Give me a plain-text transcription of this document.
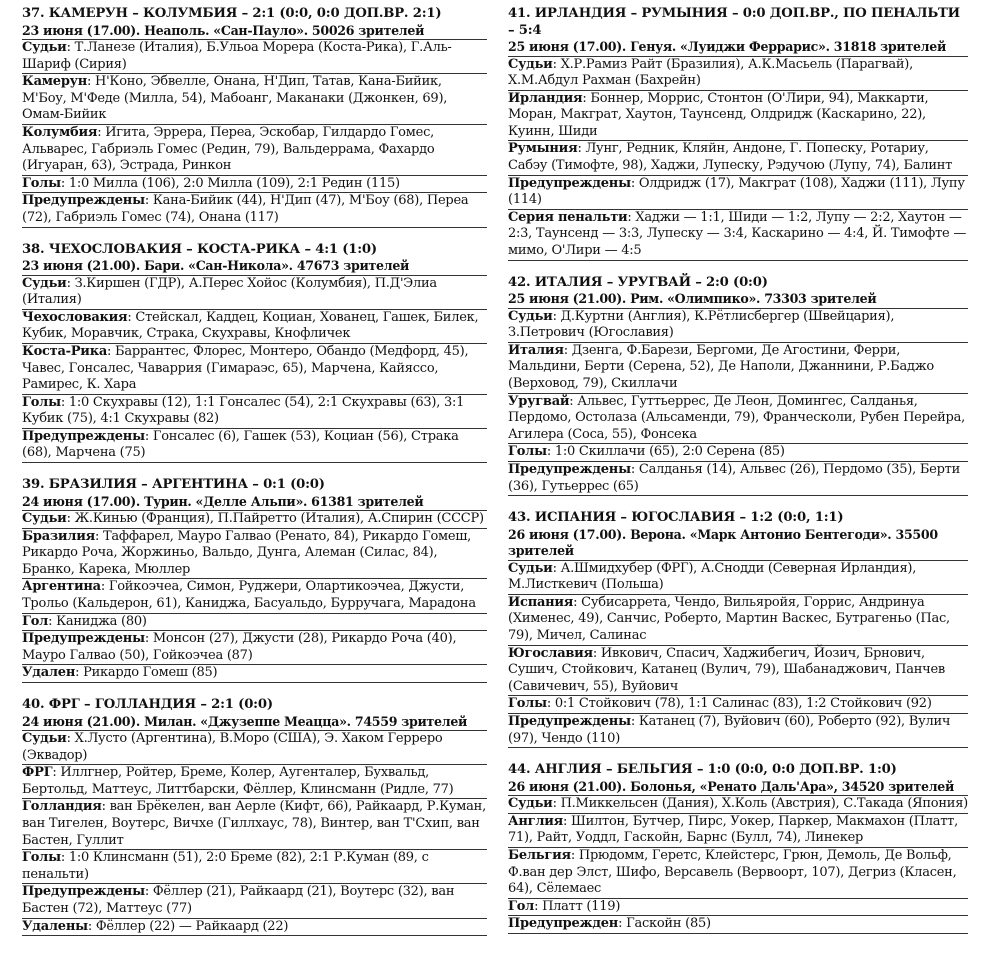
37. КАМЕРУН – КОЛУМБИЯ – 2:1 (0:0, 0:0 ДОП.ВР. 2:1)
23 июня (17.00). Неаполь. «Сан-Пауло». 50026 зрителей
Судьи: Т.Ланезе (Италия), Б.Ульоа Морера (Коста-Рика), Г.Аль-Шариф (Сирия)
Камерун: Н'Коно, Эбвелле, Онана, Н'Дип, Татав, Кана-Бийик, М'Боу, М'Феде (Милла, 54), Мабоанг, Маканаки (Джонкен, 69), Омам-Бийик
Колумбия: Игита, Эррера, Переа, Эскобар, Гилдардо Гомес, Альварес, Габриэль Гомес (Редин, 79), Вальдеррама, Фахардо (Игуаран, 63), Эстрада, Ринкон
Голы: 1:0 Милла (106), 2:0 Милла (109), 2:1 Редин (115)
Предупреждены: Кана-Бийик (44), Н'Дип (47), М'Боу (68), Переа (72), Габриэль Гомес (74), Онана (117)
38. ЧЕХОСЛОВАКИЯ – КОСТА-РИКА – 4:1 (1:0)
23 июня (21.00). Бари. «Сан-Никола». 47673 зрителей
Судьи: З.Киршен (ГДР), А.Перес Хойос (Колумбия), П.Д'Элиа (Италия)
Чехословакия: Стейскал, Каддец, Коциан, Хованец, Гашек, Билек, Кубик, Моравчик, Стракa, Скухравы, Кнофличек
Коста-Рика: Баррантес, Флорес, Монтеро, Обандо (Медфорд, 45), Чавес, Гонсалес, Чаваррия (Гимараэс, 65), Марчена, Кайяссо, Рамирес, К. Хара
Голы: 1:0 Скухравы (12), 1:1 Гонсалес (54), 2:1 Скухравы (63), 3:1 Кубик (75), 4:1 Скухравы (82)
Предупреждены: Гонсалес (6), Гашек (53), Коциан (56), Страка (68), Марчена (75)
39. БРАЗИЛИЯ – АРГЕНТИНА – 0:1 (0:0)
24 июня (17.00). Турин. «Делле Альпи». 61381 зрителей
Судьи: Ж.Кинью (Франция), П.Пайретто (Италия), А.Спирин (СССР)
Бразилия: Таффарел, Мауро Галвао (Ренато, 84), Рикардо Гомеш, Рикардо Роча, Жоржиньо, Вальдо, Дунга, Алеман (Силас, 84), Бранко, Карека, Мюллер
Аргентина: Гойкоэчеа, Симон, Руджери, Олартикоэчеа, Джусти, Трольо (Кальдерон, 61), Каниджа, Басуальдо, Бурручага, Марадона
Гол: Каниджа (80)
Предупреждены: Монсон (27), Джусти (28), Рикардо Роча (40), Мауро Галвао (50), Гойкоэчеа (87)
Удален: Рикардо Гомеш (85)
40. ФРГ – ГОЛЛАНДИЯ – 2:1 (0:0)
24 июня (21.00). Милан. «Джузеппе Меацца». 74559 зрителей
Судьи: Х.Лусто (Аргентина), В.Моро (США), Э. Хаком Герреро (Эквадор)
ФРГ: Иллгнер, Ройтер, Бреме, Колер, Аугенталер, Бухвальд, Бертольд, Маттеус, Литтбарски, Фёллер, Клинсманн (Ридле, 77)
Голландия: ван Брёкелен, ван Аерле (Кифт, 66), Райкаард, Р.Куман, ван Тигелен, Воутерс, Вичхе (Гиллхаус, 78), Винтер, ван Т'Схип, ван Бастен, Гуллит
Голы: 1:0 Клинсманн (51), 2:0 Бреме (82), 2:1 Р.Куман (89, с пенальти)
Предупреждены: Фёллер (21), Райкаард (21), Воутерс (32), ван Бастен (72), Маттеус (77)
Удалены: Фёллер (22) — Райкаард (22)
41. ИРЛАНДИЯ – РУМЫНИЯ – 0:0 ДОП.ВР., ПО ПЕНАЛЬТИ – 5:4
25 июня (17.00). Генуя. «Луиджи Феррарис». 31818 зрителей
Судьи: Х.Р.Рамиз Райт (Бразилия), А.К.Масьель (Парагвай), Х.М.Абдул Рахман (Бахрейн)
Ирландия: Боннер, Моррис, Стонтон (О'Лири, 94), Маккарти, Моран, Макграт, Хаутон, Таунсенд, Олдридж (Каскарино, 22), Куинн, Шиди
Румыния: Лунг, Редник, Кляйн, Андоне, Г. Попеску, Ротариу, Сабэу (Тимофте, 98), Хаджи, Лупеску, Рэдучою (Лупу, 74), Балинт
Предупреждены: Олдридж (17), Макграт (108), Хаджи (111), Лупу (114)
Серия пенальти: Хаджи — 1:1, Шиди — 1:2, Лупу — 2:2, Хаутон — 2:3, Таунсенд — 3:3, Лупеску — 3:4, Каскарино — 4:4, Й. Тимофте — мимо, О'Лири — 4:5
42. ИТАЛИЯ – УРУГВАЙ – 2:0 (0:0)
25 июня (21.00). Рим. «Олимпико». 73303 зрителей
Судьи: Д.Куртни (Англия), К.Рётлисбергер (Швейцария), З.Петрович (Югославия)
Италия: Дзенга, Ф.Барези, Бергоми, Де Агостини, Ферри, Мальдини, Берти (Серена, 52), Де Наполи, Джаннини, Р.Баджо (Верховод, 79), Скиллачи
Уругвай: Альвес, Гуттьеррес, Де Леон, Домингес, Салданья, Пердомо, Остолаза (Альсаменди, 79), Франческоли, Рубен Перейра, Агилера (Соса, 55), Фонсека
Голы: 1:0 Скиллачи (65), 2:0 Серена (85)
Предупреждены: Салданья (14), Альвес (26), Пердомо (35), Берти (36), Гутьеррес (65)
43. ИСПАНИЯ – ЮГОСЛАВИЯ – 1:2 (0:0, 1:1)
26 июня (17.00). Верона. «Марк Антонио Бентегоди». 35500 зрителей
Судьи: А.Шмидхубер (ФРГ), А.Снодди (Северная Ирландия), М.Листкевич (Польша)
Испания: Субисаррета, Чендо, Вильяройя, Горрис, Андринуа (Хименес, 49), Санчис, Роберто, Мартин Васкес, Бутрагеньо (Пас, 79), Мичел, Салинас
Югославия: Ивкович, Спасич, Хаджибегич, Йозич, Брнович, Сушич, Стойкович, Катанец (Вулич, 79), Шабанаджович, Панчев (Савичевич, 55), Вуйович
Голы: 0:1 Стойкович (78), 1:1 Салинас (83), 1:2 Стойкович (92)
Предупреждены: Катанец (7), Вуйович (60), Роберто (92), Вулич (97), Чендо (110)
44. АНГЛИЯ – БЕЛЬГИЯ – 1:0 (0:0, 0:0 ДОП.ВР. 1:0)
26 июня (21.00). Болонья, «Ренато Даль'Ара», 34520 зрителей
Судьи: П.Миккельсен (Дания), Х.Коль (Австрия), С.Такада (Япония)
Англия: Шилтон, Бутчер, Пирс, Уокер, Паркер, Макмахон (Платт, 71), Райт, Уоддл, Гаскойн, Барнс (Булл, 74), Линекер
Бельгия: Прюдомм, Геретс, Клейстерс, Грюн, Демоль, Де Вольф, Ф.ван дер Элст, Шифо, Версавель (Вервоорт, 107), Дегриз (Класен, 64), Сёлемаес
Гол: Платт (119)
Предупрежден: Гаскойн (85)
